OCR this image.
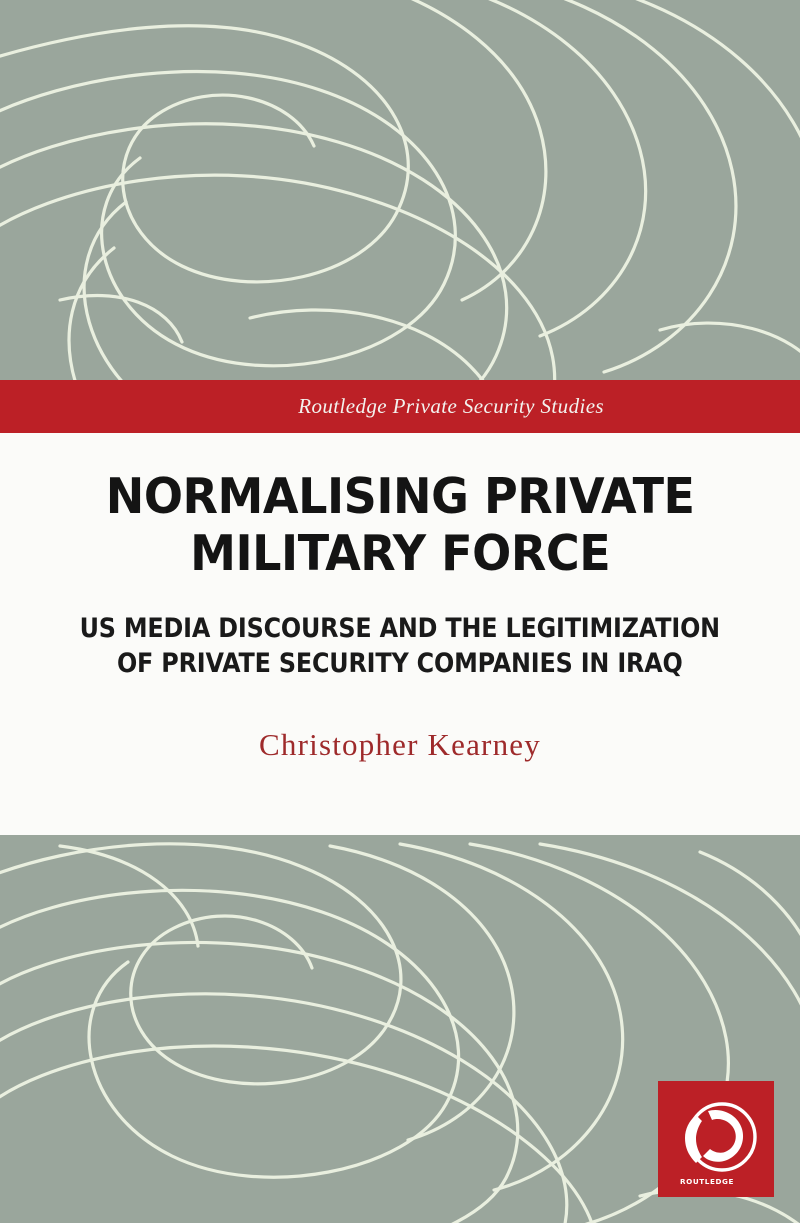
Routledge Private Security Studies
NORMALISING PRIVATE
MILITARY FORCE
US MEDIA DISCOURSE AND THE LEGITIMIZATION
OF PRIVATE SECURITY COMPANIES IN IRAQ
Christopher Kearney
ROUTLEDGE
